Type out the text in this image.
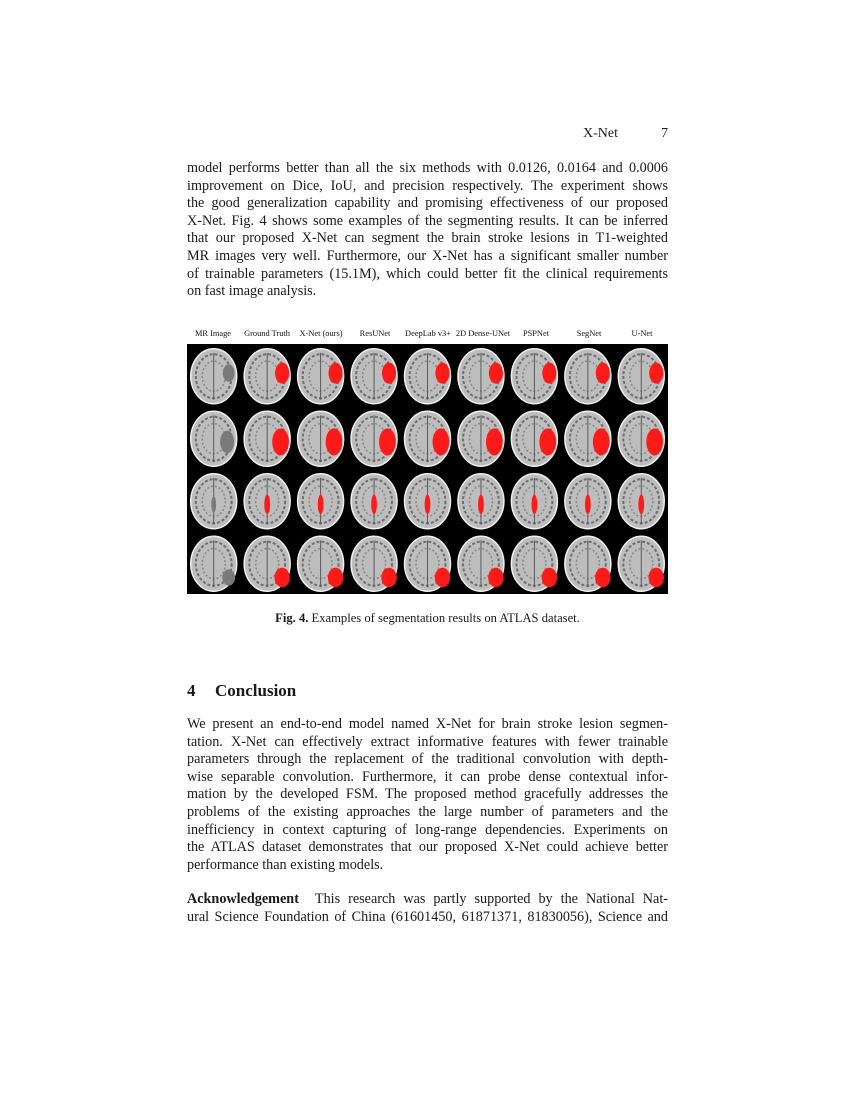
X-Net	7
model performs better than all the six methods with 0.0126, 0.0164 and 0.0006
improvement on Dice, IoU, and precision respectively. The experiment shows
the good generalization capability and promising effectiveness of our proposed
X-Net. Fig. 4 shows some examples of the segmenting results. It can be inferred
that our proposed X-Net can segment the brain stroke lesions in T1-weighted
MR images very well. Furthermore, our X-Net has a significant smaller number
of trainable parameters (15.1M), which could better fit the clinical requirements
on fast image analysis.
MR Image Ground Truth X-Net (ours) ResUNet DeepLab v3+ 2D Dense-UNet PSPNet	SegNet	U-Net
Fig. 4. Examples of segmentation results on ATLAS dataset.
4 Conclusion
We present an end-to-end model named X-Net for brain stroke lesion segmen-
tation. X-Net can effectively extract informative features with fewer trainable
parameters through the replacement of the traditional convolution with depth-
wise separable convolution. Furthermore, it can probe dense contextual infor-
mation by the developed FSM. The proposed method gracefully addresses the
problems of the existing approaches the large number of parameters and the
inefficiency in context capturing of long-range dependencies. Experiments on
the ATLAS dataset demonstrates that our proposed X-Net could achieve better
performance than existing models.
Acknowledgement This research was partly supported by the National Nat-
ural Science Foundation of China (61601450, 61871371, 81830056), Science and
